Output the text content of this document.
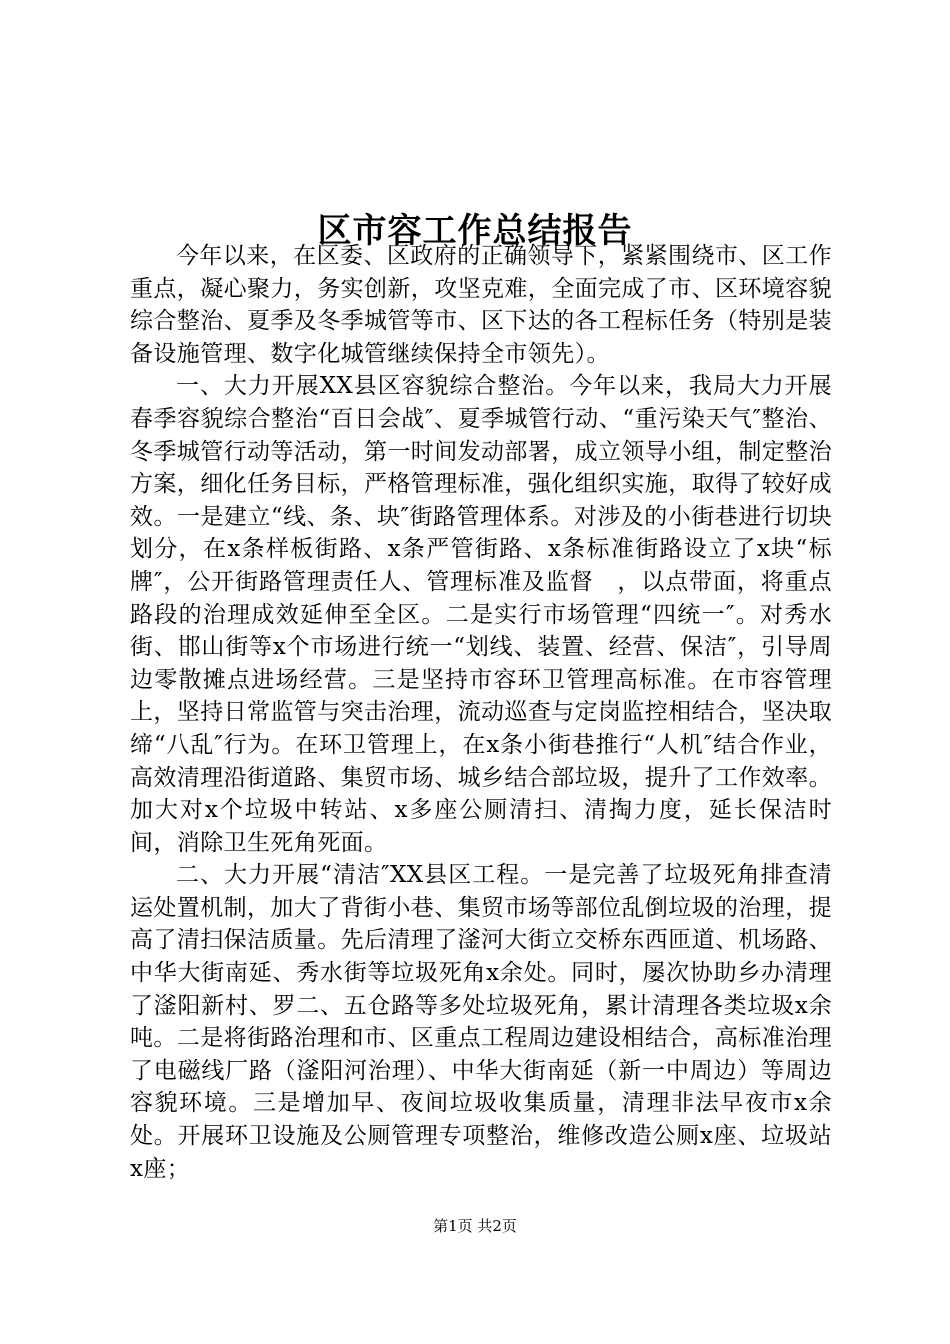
区市容工作总结报告

今年以来，在区委、区政府的正确领导下，紧紧围绕市、区工作重点，凝心聚力，务实创新，攻坚克难，全面完成了市、区环境容貌综合整治、夏季及冬季城管等市、区下达的各工程标任务（特别是装备设施管理、数字化城管继续保持全市领先）。

一、大力开展XX县区容貌综合整治。今年以来，我局大力开展春季容貌综合整治“百日会战″、夏季城管行动、“重污染天气″整治、冬季城管行动等活动，第一时间发动部署，成立领导小组，制定整治方案，细化任务目标，严格管理标准，强化组织实施，取得了较好成效。一是建立“线、条、块″街路管理体系。对涉及的小街巷进行切块划分，在x条样板街路、x条严管街路、x条标准街路设立了x块“标牌″，公开街路管理责任人、管理标准及监督　，以点带面，将重点路段的治理成效延伸至全区。二是实行市场管理“四统一″。对秀水街、邯山街等x个市场进行统一“划线、装置、经营、保洁″，引导周边零散摊点进场经营。三是坚持市容环卫管理高标准。在市容管理上，坚持日常监管与突击治理，流动巡查与定岗监控相结合，坚决取缔“八乱″行为。在环卫管理上，在x条小街巷推行“人机″结合作业，高效清理沿街道路、集贸市场、城乡结合部垃圾，提升了工作效率。加大对x个垃圾中转站、x多座公厕清扫、清掏力度，延长保洁时间，消除卫生死角死面。

二、大力开展“清洁″XX县区工程。一是完善了垃圾死角排查清运处置机制，加大了背街小巷、集贸市场等部位乱倒垃圾的治理，提高了清扫保洁质量。先后清理了滏河大街立交桥东西匝道、机场路、中华大街南延、秀水街等垃圾死角x余处。同时，屡次协助乡办清理了滏阳新村、罗二、五仓路等多处垃圾死角，累计清理各类垃圾x余吨。二是将街路治理和市、区重点工程周边建设相结合，高标准治理了电磁线厂路（滏阳河治理）、中华大街南延（新一中周边）等周边容貌环境。三是增加早、夜间垃圾收集质量，清理非法早夜市x余处。开展环卫设施及公厕管理专项整治，维修改造公厕x座、垃圾站x座；

第1页 共2页
